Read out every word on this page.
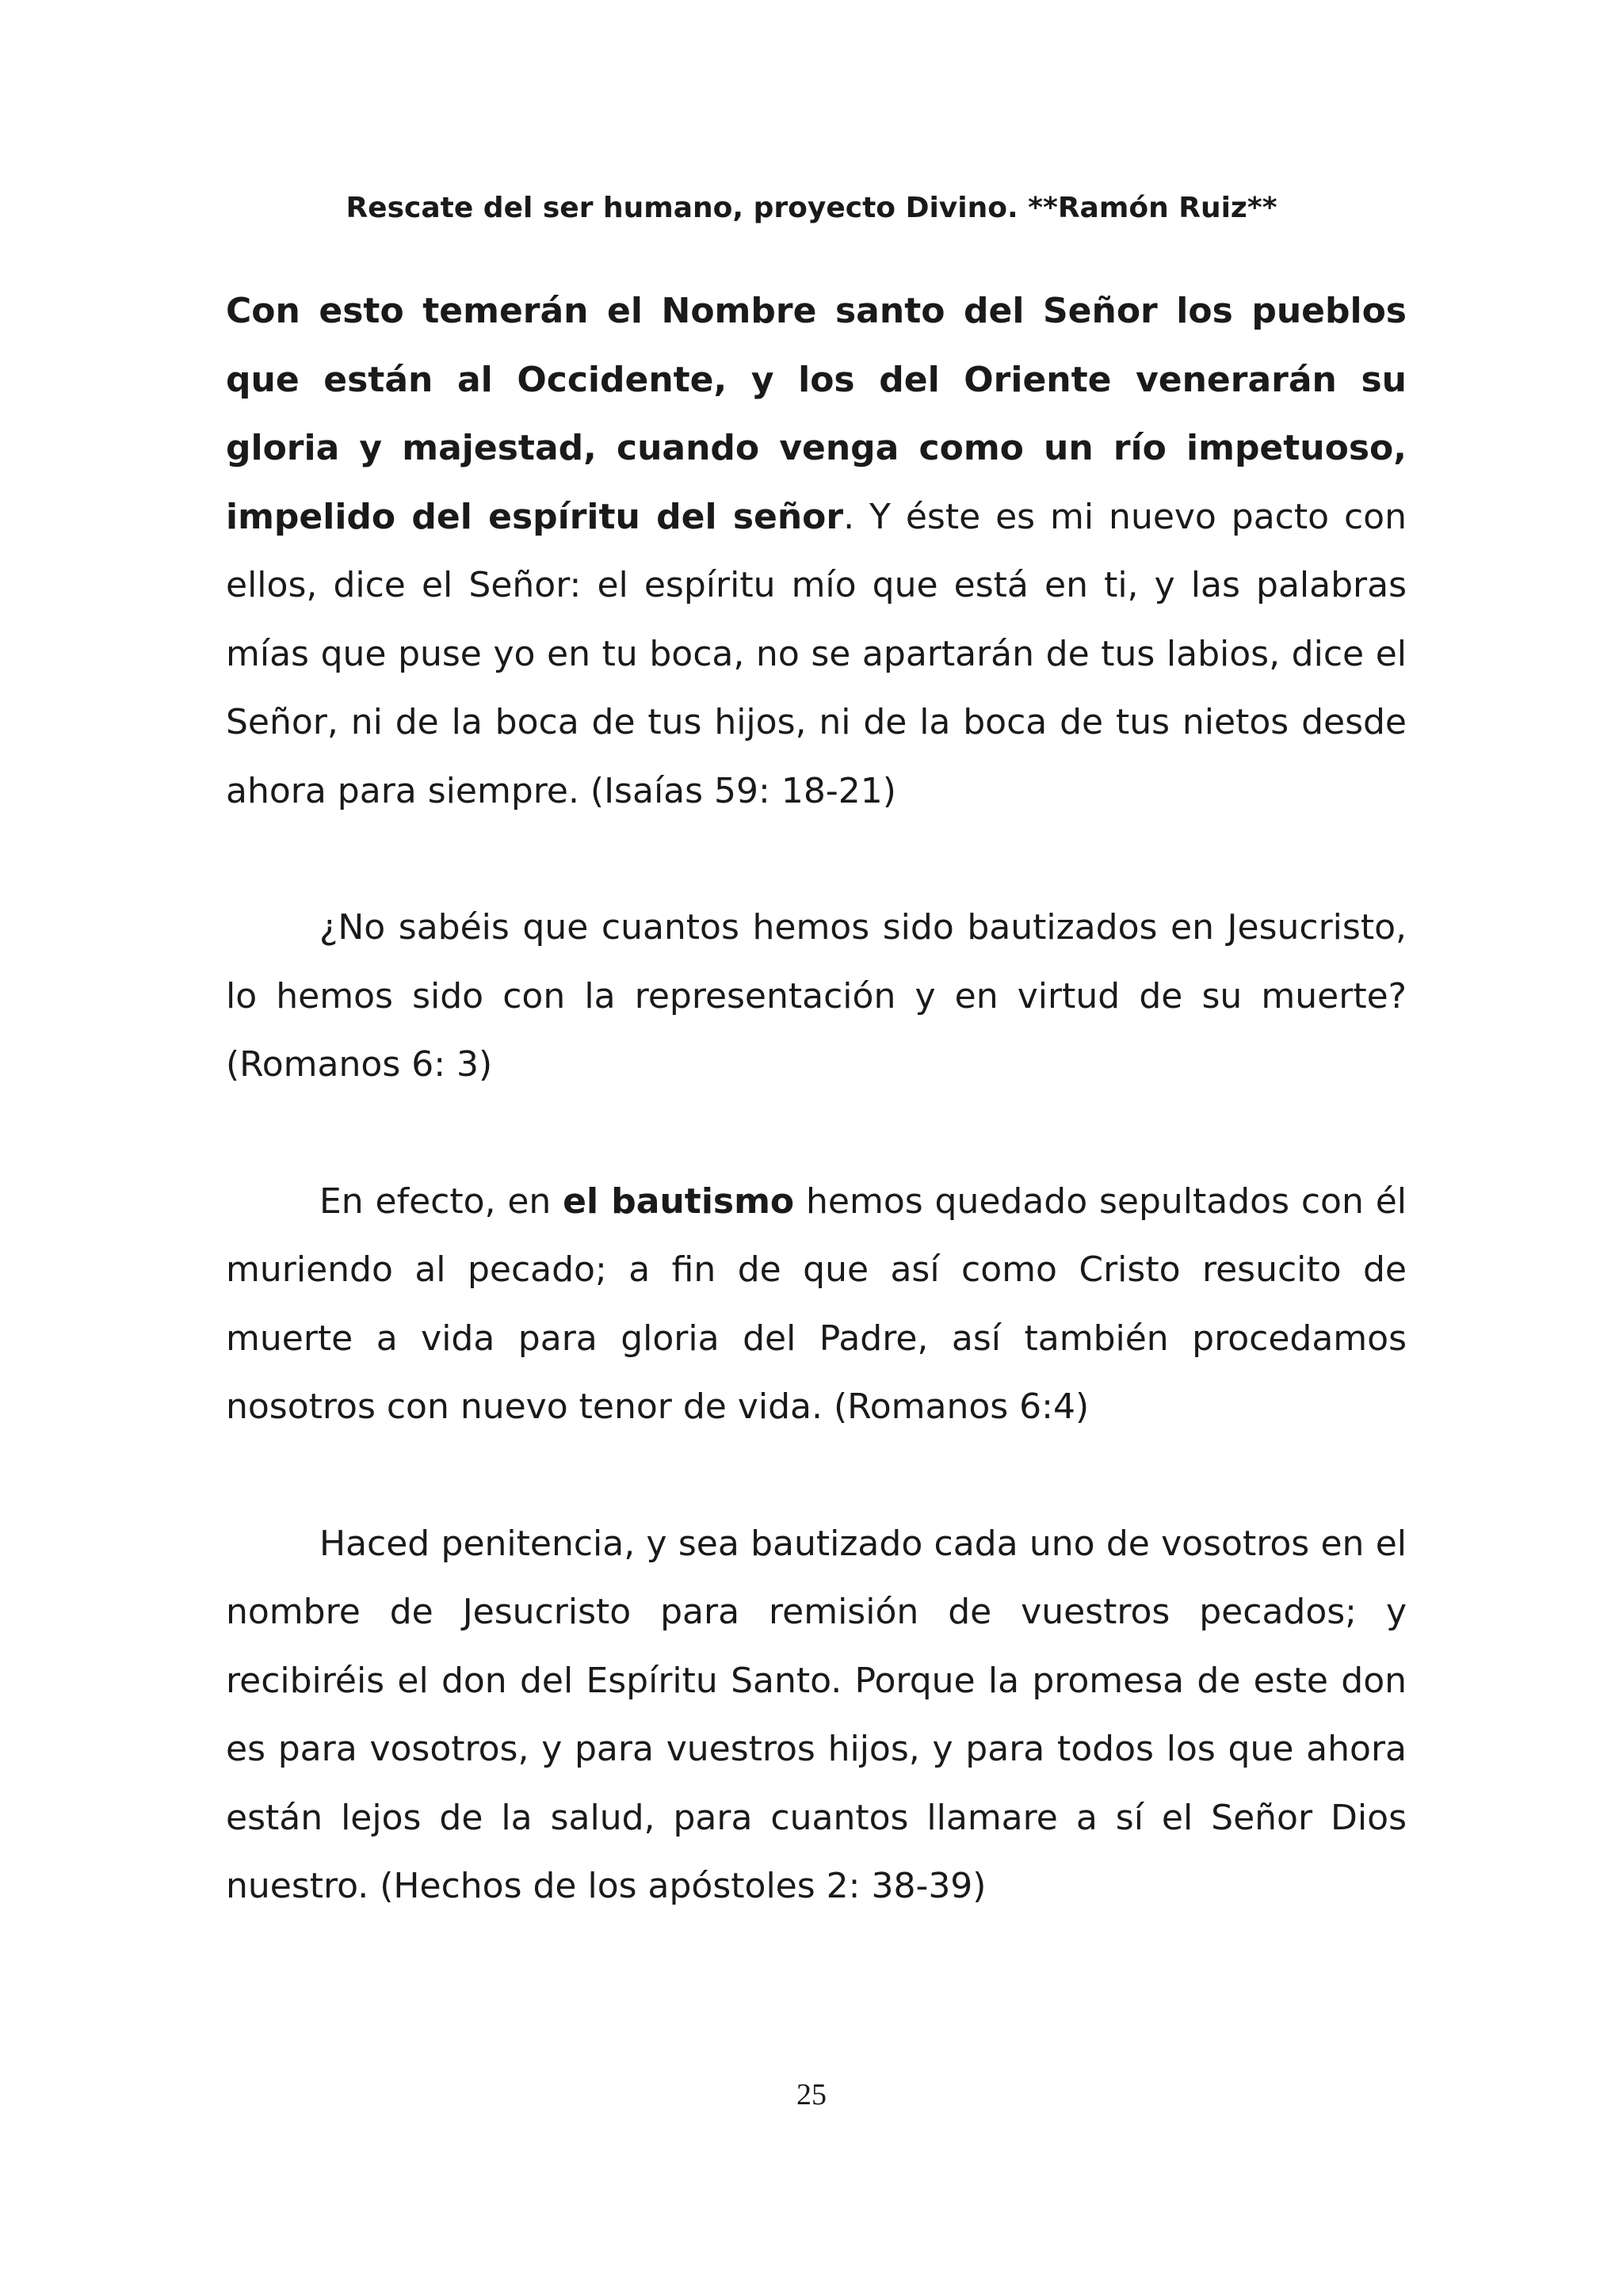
Rescate del ser humano, proyecto Divino. **Ramón Ruiz**

Con esto temerán el Nombre santo del Señor los pueblos que están al Occidente, y los del Oriente venerarán su gloria y majestad, cuando venga como un río impetuoso, impelido del espíritu del señor. Y éste es mi nuevo pacto con ellos, dice el Señor: el espíritu mío que está en ti, y las palabras mías que puse yo en tu boca, no se apartarán de tus labios, dice el Señor, ni de la boca de tus hijos, ni de la boca de tus nietos desde ahora para siempre. (Isaías 59: 18-21)

¿No sabéis que cuantos hemos sido bautizados en Jesucristo, lo hemos sido con la representación y en virtud de su muerte? (Romanos 6: 3)

En efecto, en el bautismo hemos quedado sepultados con él muriendo al pecado; a fin de que así como Cristo resucito de muerte a vida para gloria del Padre, así también procedamos nosotros con nuevo tenor de vida. (Romanos 6:4)

Haced penitencia, y sea bautizado cada uno de vosotros en el nombre de Jesucristo para remisión de vuestros pecados; y recibiréis el don del Espíritu Santo. Porque la promesa de este don es para vosotros, y para vuestros hijos, y para todos los que ahora están lejos de la salud, para cuantos llamare a sí el Señor Dios nuestro. (Hechos de los apóstoles 2: 38-39)

25
